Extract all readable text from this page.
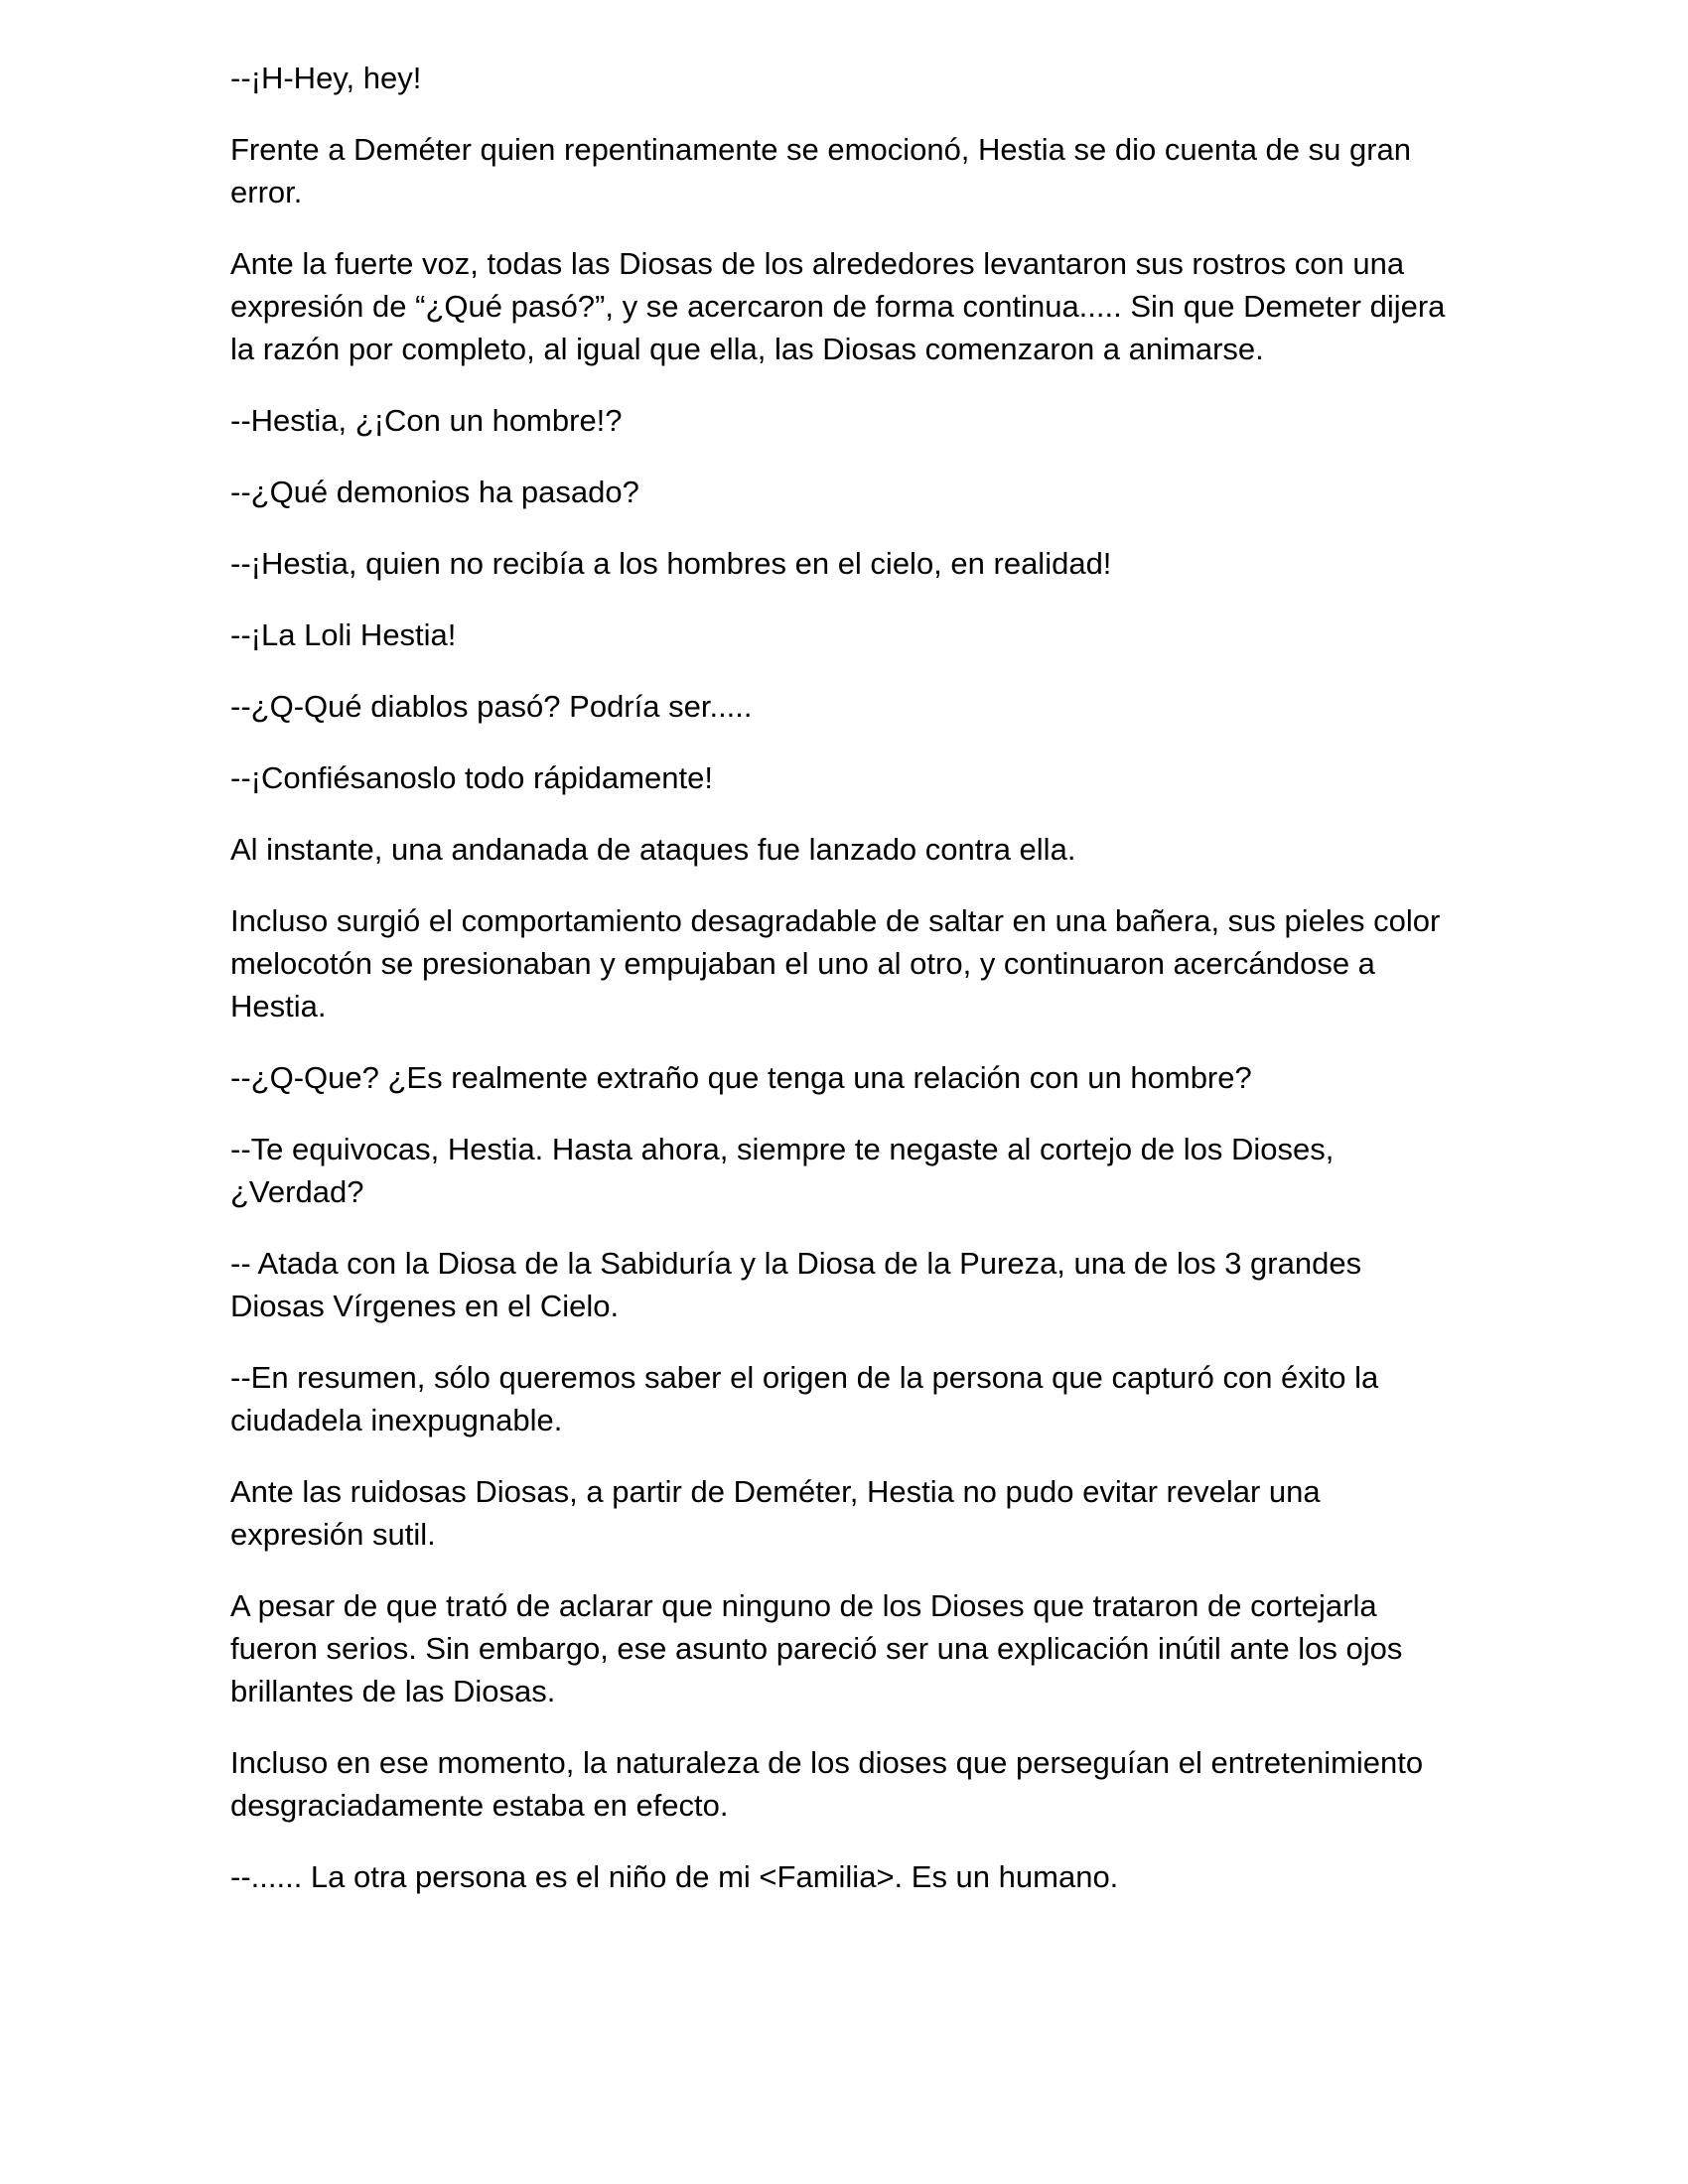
--¡H-Hey, hey!

Frente a Deméter quien repentinamente se emocionó, Hestia se dio cuenta de su gran error.

Ante la fuerte voz, todas las Diosas de los alrededores levantaron sus rostros con una expresión de “¿Qué pasó?”, y se acercaron de forma continua..... Sin que Demeter dijera la razón por completo, al igual que ella, las Diosas comenzaron a animarse.

--Hestia, ¿¡Con un hombre!?

--¿Qué demonios ha pasado?

--¡Hestia, quien no recibía a los hombres en el cielo, en realidad!

--¡La Loli Hestia!

--¿Q-Qué diablos pasó? Podría ser.....

--¡Confiésanoslo todo rápidamente!

Al instante, una andanada de ataques fue lanzado contra ella.

Incluso surgió el comportamiento desagradable de saltar en una bañera, sus pieles color melocotón se presionaban y empujaban el uno al otro, y continuaron acercándose a Hestia.

--¿Q-Que? ¿Es realmente extraño que tenga una relación con un hombre?

--Te equivocas, Hestia. Hasta ahora, siempre te negaste al cortejo de los Dioses, ¿Verdad?

-- Atada con la Diosa de la Sabiduría y la Diosa de la Pureza, una de los 3 grandes Diosas Vírgenes en el Cielo.

--En resumen, sólo queremos saber el origen de la persona que capturó con éxito la ciudadela inexpugnable.

Ante las ruidosas Diosas, a partir de Deméter, Hestia no pudo evitar revelar una expresión sutil.

A pesar de que trató de aclarar que ninguno de los Dioses que trataron de cortejarla fueron serios. Sin embargo, ese asunto pareció ser una explicación inútil ante los ojos brillantes de las Diosas.

Incluso en ese momento, la naturaleza de los dioses que perseguían el entretenimiento desgraciadamente estaba en efecto.

--...... La otra persona es el niño de mi <Familia>. Es un humano.
